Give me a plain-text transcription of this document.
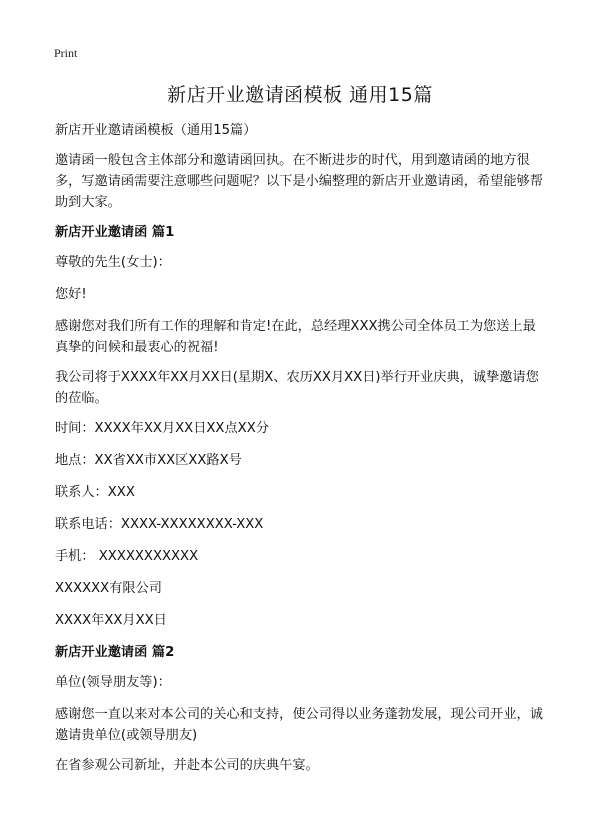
Print
新店开业邀请函模板 通用15篇

新店开业邀请函模板（通用15篇）

邀请函一般包含主体部分和邀请函回执。在不断进步的时代，用到邀请函的地方很多，写邀请函需要注意哪些问题呢？以下是小编整理的新店开业邀请函，希望能够帮助到大家。

新店开业邀请函 篇1

尊敬的先生(女士)：

您好!

感谢您对我们所有工作的理解和肯定!在此，总经理XXX携公司全体员工为您送上最真挚的问候和最衷心的祝福!

我公司将于XXXX年XX月XX日(星期X、农历XX月XX日)举行开业庆典，诚挚邀请您的莅临。

时间：XXXX年XX月XX日XX点XX分

地点：XX省XX市XX区XX路X号

联系人：XXX

联系电话：XXXX-XXXXXXXX-XXX

手机： XXXXXXXXXXX

XXXXXX有限公司

XXXX年XX月XX日

新店开业邀请函 篇2

单位(领导朋友等)：

感谢您一直以来对本公司的关心和支持，使公司得以业务蓬勃发展，现公司开业，诚邀请贵单位(或领导朋友)

在省参观公司新址，并赴本公司的庆典午宴。
